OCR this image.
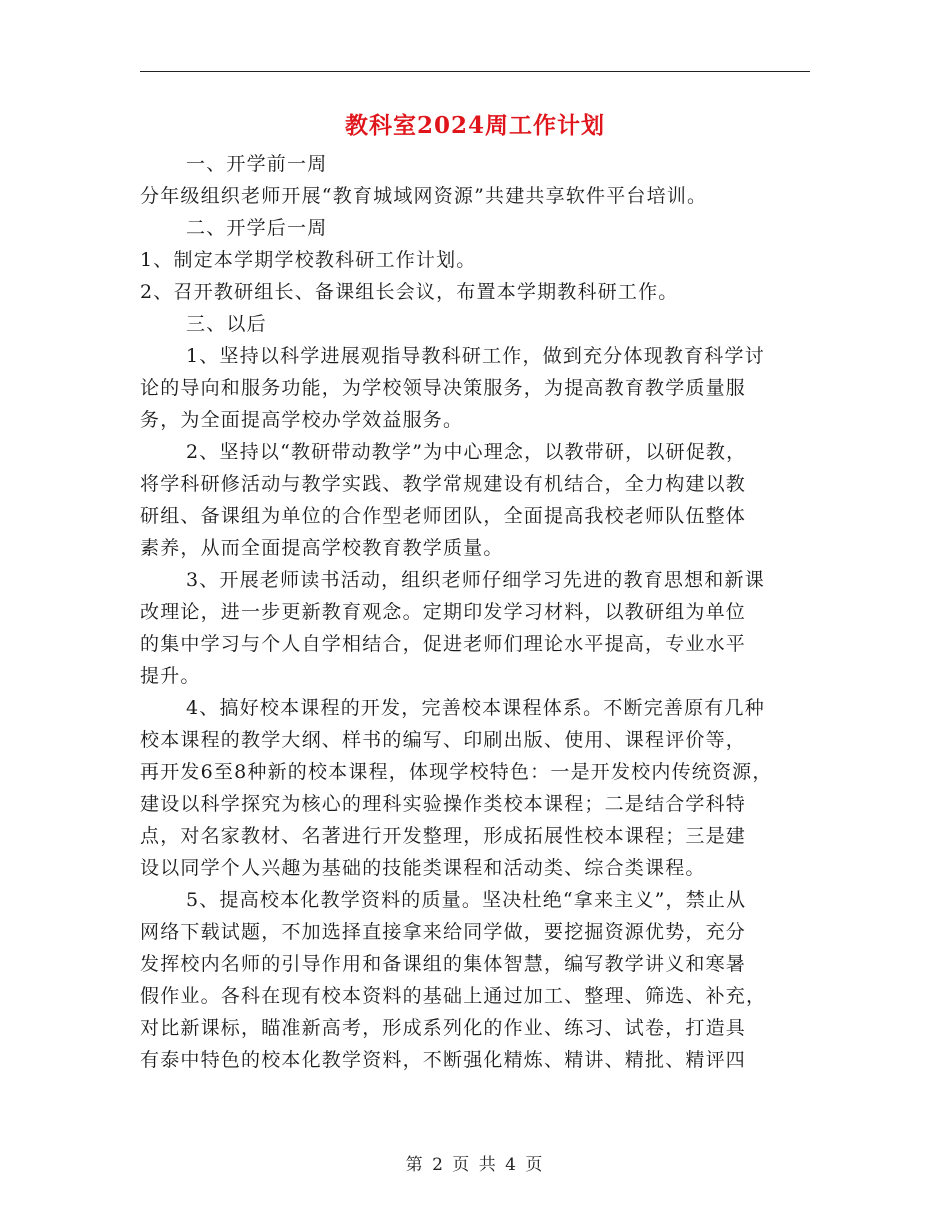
教科室2024周工作计划
一、开学前一周
分年级组织老师开展“教育城域网资源”共建共享软件平台培训。
二、开学后一周
1、制定本学期学校教科研工作计划。
2、召开教研组长、备课组长会议，布置本学期教科研工作。
三、以后
1、坚持以科学进展观指导教科研工作，做到充分体现教育科学讨
论的导向和服务功能，为学校领导决策服务，为提高教育教学质量服
务，为全面提高学校办学效益服务。
2、坚持以“教研带动教学”为中心理念，以教带研，以研促教，
将学科研修活动与教学实践、教学常规建设有机结合，全力构建以教
研组、备课组为单位的合作型老师团队，全面提高我校老师队伍整体
素养，从而全面提高学校教育教学质量。
3、开展老师读书活动，组织老师仔细学习先进的教育思想和新课
改理论，进一步更新教育观念。定期印发学习材料，以教研组为单位
的集中学习与个人自学相结合，促进老师们理论水平提高，专业水平
提升。
4、搞好校本课程的开发，完善校本课程体系。不断完善原有几种
校本课程的教学大纲、样书的编写、印刷出版、使用、课程评价等，
再开发6至8种新的校本课程，体现学校特色：一是开发校内传统资源，
建设以科学探究为核心的理科实验操作类校本课程；二是结合学科特
点，对名家教材、名著进行开发整理，形成拓展性校本课程；三是建
设以同学个人兴趣为基础的技能类课程和活动类、综合类课程。
5、提高校本化教学资料的质量。坚决杜绝“拿来主义”，禁止从
网络下载试题，不加选择直接拿来给同学做，要挖掘资源优势，充分
发挥校内名师的引导作用和备课组的集体智慧，编写教学讲义和寒暑
假作业。各科在现有校本资料的基础上通过加工、整理、筛选、补充，
对比新课标，瞄准新高考，形成系列化的作业、练习、试卷，打造具
有泰中特色的校本化教学资料，不断强化精炼、精讲、精批、精评四
第 2 页 共 4 页
